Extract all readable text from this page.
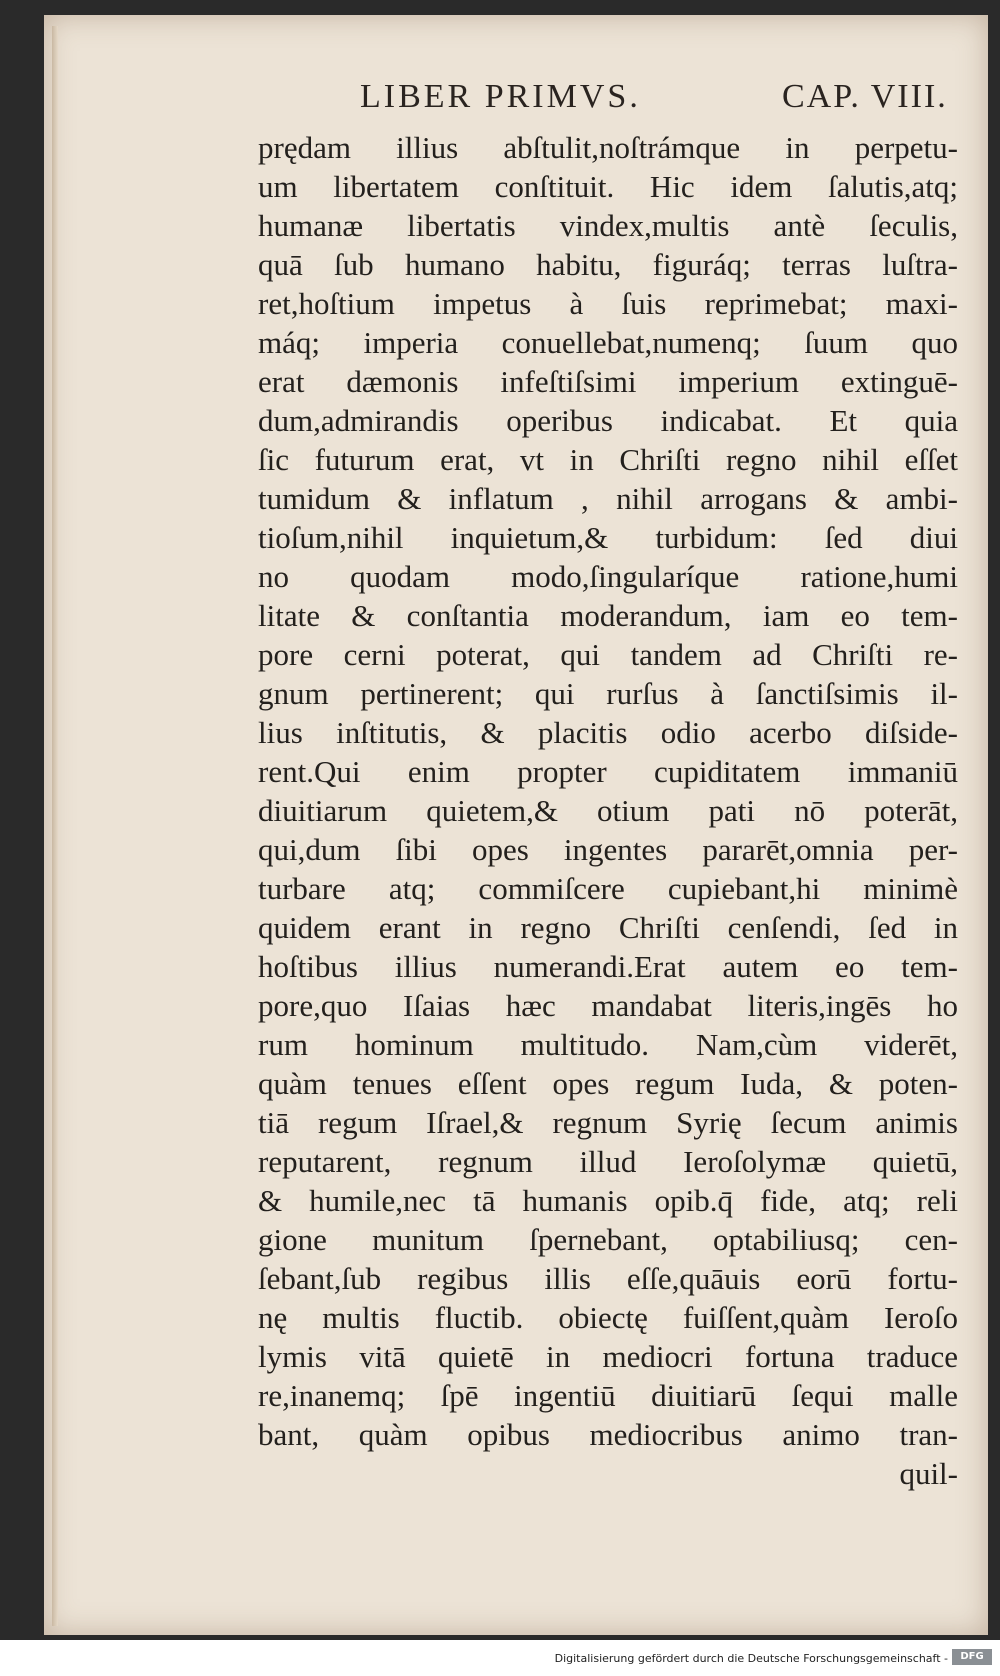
LIBER PRIMVS.	CAP. VIII.
prędam illius abſtulit,noſtrámque in perpetu-
um libertatem conſtituit. Hic idem ſalutis,atq;
humanæ libertatis vindex,multis antè ſeculis,
quā ſub humano habitu, figuráq; terras luſtra-
ret,hoſtium impetus à ſuis reprimebat; maxi-
máq; imperia conuellebat,numenq; ſuum quo
erat dæmonis infeſtiſsimi imperium extinguē-
dum,admirandis operibus indicabat. Et quia
ſic futurum erat, vt in Chriſti regno nihil eſſet
tumidum & inflatum , nihil arrogans & ambi-
tioſum,nihil inquietum,& turbidum: ſed diui
no quodam modo,ſingularíque ratione,humi
litate & conſtantia moderandum, iam eo tem-
pore cerni poterat, qui tandem ad Chriſti re-
gnum pertinerent; qui rurſus à ſanctiſsimis il-
lius inſtitutis, & placitis odio acerbo diſside-
rent.Qui enim propter cupiditatem immaniū
diuitiarum quietem,& otium pati nō poterāt,
qui,dum ſibi opes ingentes pararēt,omnia per-
turbare atq; commiſcere cupiebant,hi minimè
quidem erant in regno Chriſti cenſendi, ſed in
hoſtibus illius numerandi.Erat autem eo tem-
pore,quo Iſaias hæc mandabat literis,ingēs ho
rum hominum multitudo. Nam,cùm viderēt,
quàm tenues eſſent opes regum Iuda, & poten-
tiā regum Iſrael,& regnum Syrię ſecum animis
reputarent, regnum illud Ieroſolymæ quietū,
& humile,nec tā humanis opib.q̄ fide, atq; reli
gione munitum ſpernebant, optabiliusq; cen-
ſebant,ſub regibus illis eſſe,quāuis eorū fortu-
nę multis fluctib. obiectę fuiſſent,quàm Ieroſo
lymis vitā quietē in mediocri fortuna traduce
re,inanemq; ſpē ingentiū diuitiarū ſequi malle
bant, quàm opibus mediocribus animo tran-
quil-
Digitalisierung gefördert durch die Deutsche Forschungsgemeinschaft -	DFG
